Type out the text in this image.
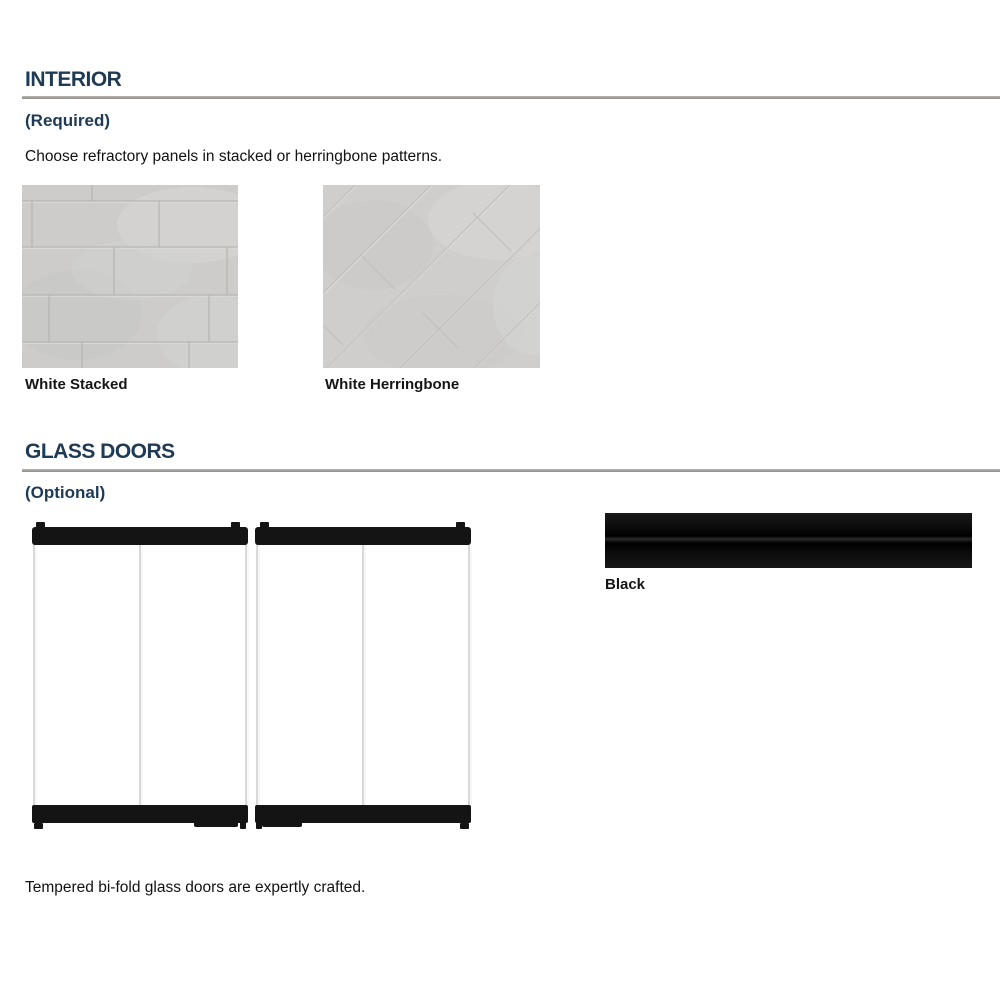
INTERIOR
(Required)

Choose refractory panels in stacked or herringbone patterns.

White Stacked	White Herringbone

GLASS DOORS
(Optional)

Black

Tempered bi-fold glass doors are expertly crafted.
